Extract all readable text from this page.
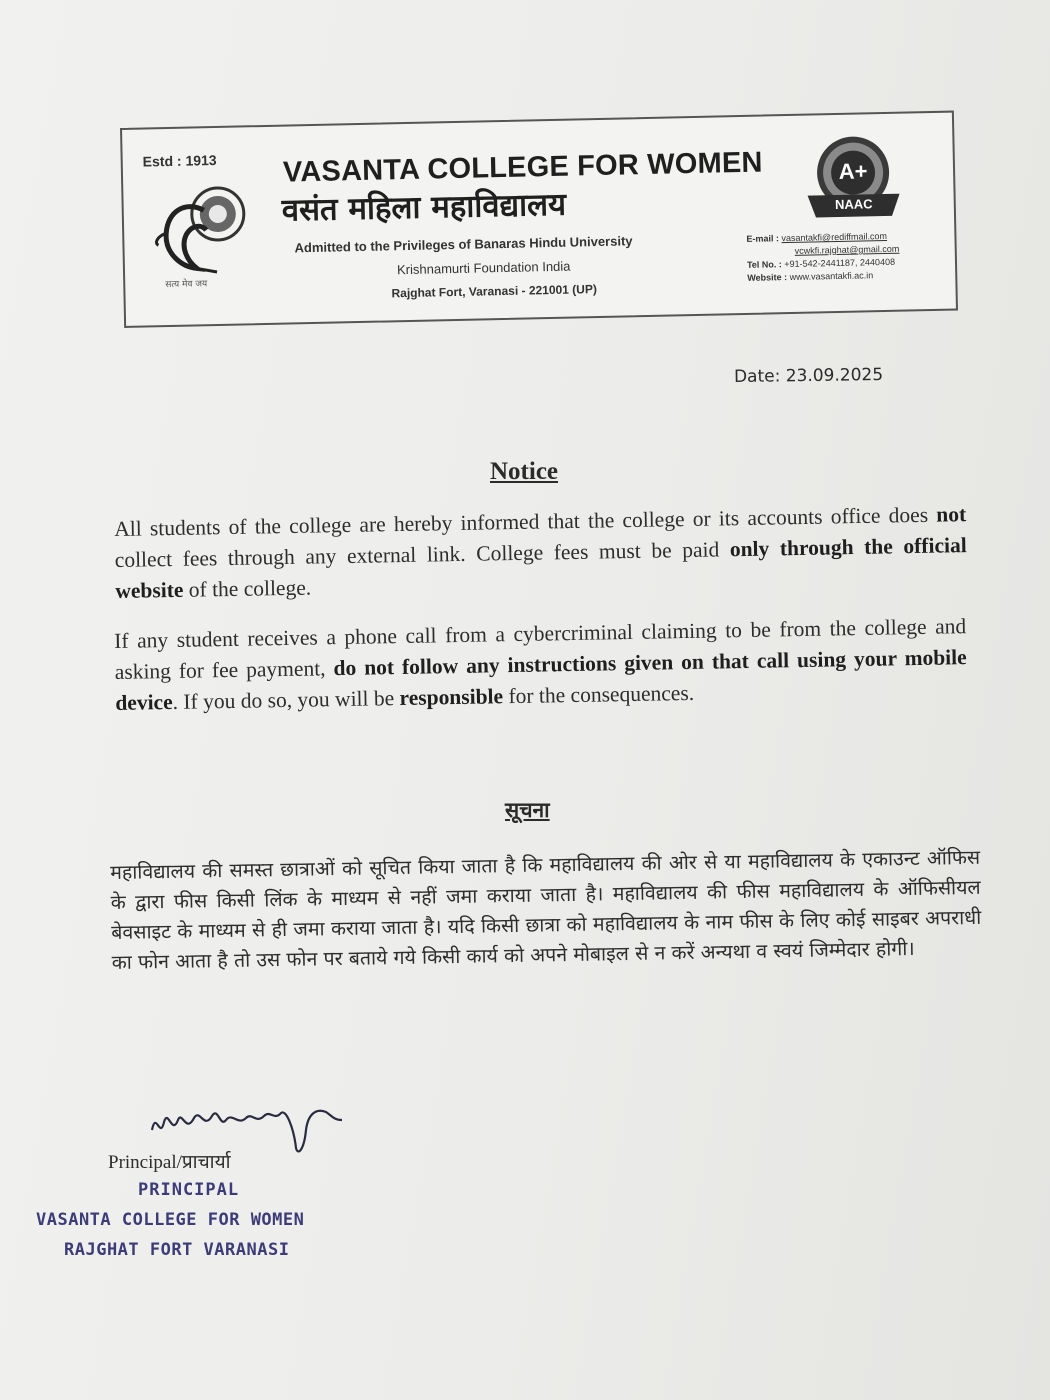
Estd : 1913
सत्य मेव जय
VASANTA COLLEGE FOR WOMEN
वसंत महिला महाविद्यालय
Admitted to the Privileges of Banaras Hindu University
Krishnamurti Foundation India
Rajghat Fort, Varanasi - 221001 (UP)
A+
NAAC
E-mail : vasantakfi@rediffmail.com
vcwkfi.rajghat@gmail.com
Tel No. : +91-542-2441187, 2440408
Website : www.vasantakfi.ac.in
Date: 23.09.2025
Notice
All students of the college are hereby informed that the college or its accounts office does not collect fees through any external link. College fees must be paid only through the official website of the college.
If any student receives a phone call from a cybercriminal claiming to be from the college and asking for fee payment, do not follow any instructions given on that call using your mobile device. If you do so, you will be responsible for the consequences.
सूचना
महाविद्यालय की समस्त छात्राओं को सूचित किया जाता है कि महाविद्यालय की ओर से या महाविद्यालय के एकाउन्ट ऑफिस के द्वारा फीस किसी लिंक के माध्यम से नहीं जमा कराया जाता है। महाविद्यालय की फीस महाविद्यालय के ऑफिसीयल बेवसाइट के माध्यम से ही जमा कराया जाता है। यदि किसी छात्रा को महाविद्यालय के नाम फीस के लिए कोई साइबर अपराधी का फोन आता है तो उस फोन पर बताये गये किसी कार्य को अपने मोबाइल से न करें अन्यथा व स्वयं जिम्मेदार होगी।
Principal/प्राचार्या
PRINCIPAL
VASANTA COLLEGE FOR WOMEN
RAJGHAT FORT VARANASI
